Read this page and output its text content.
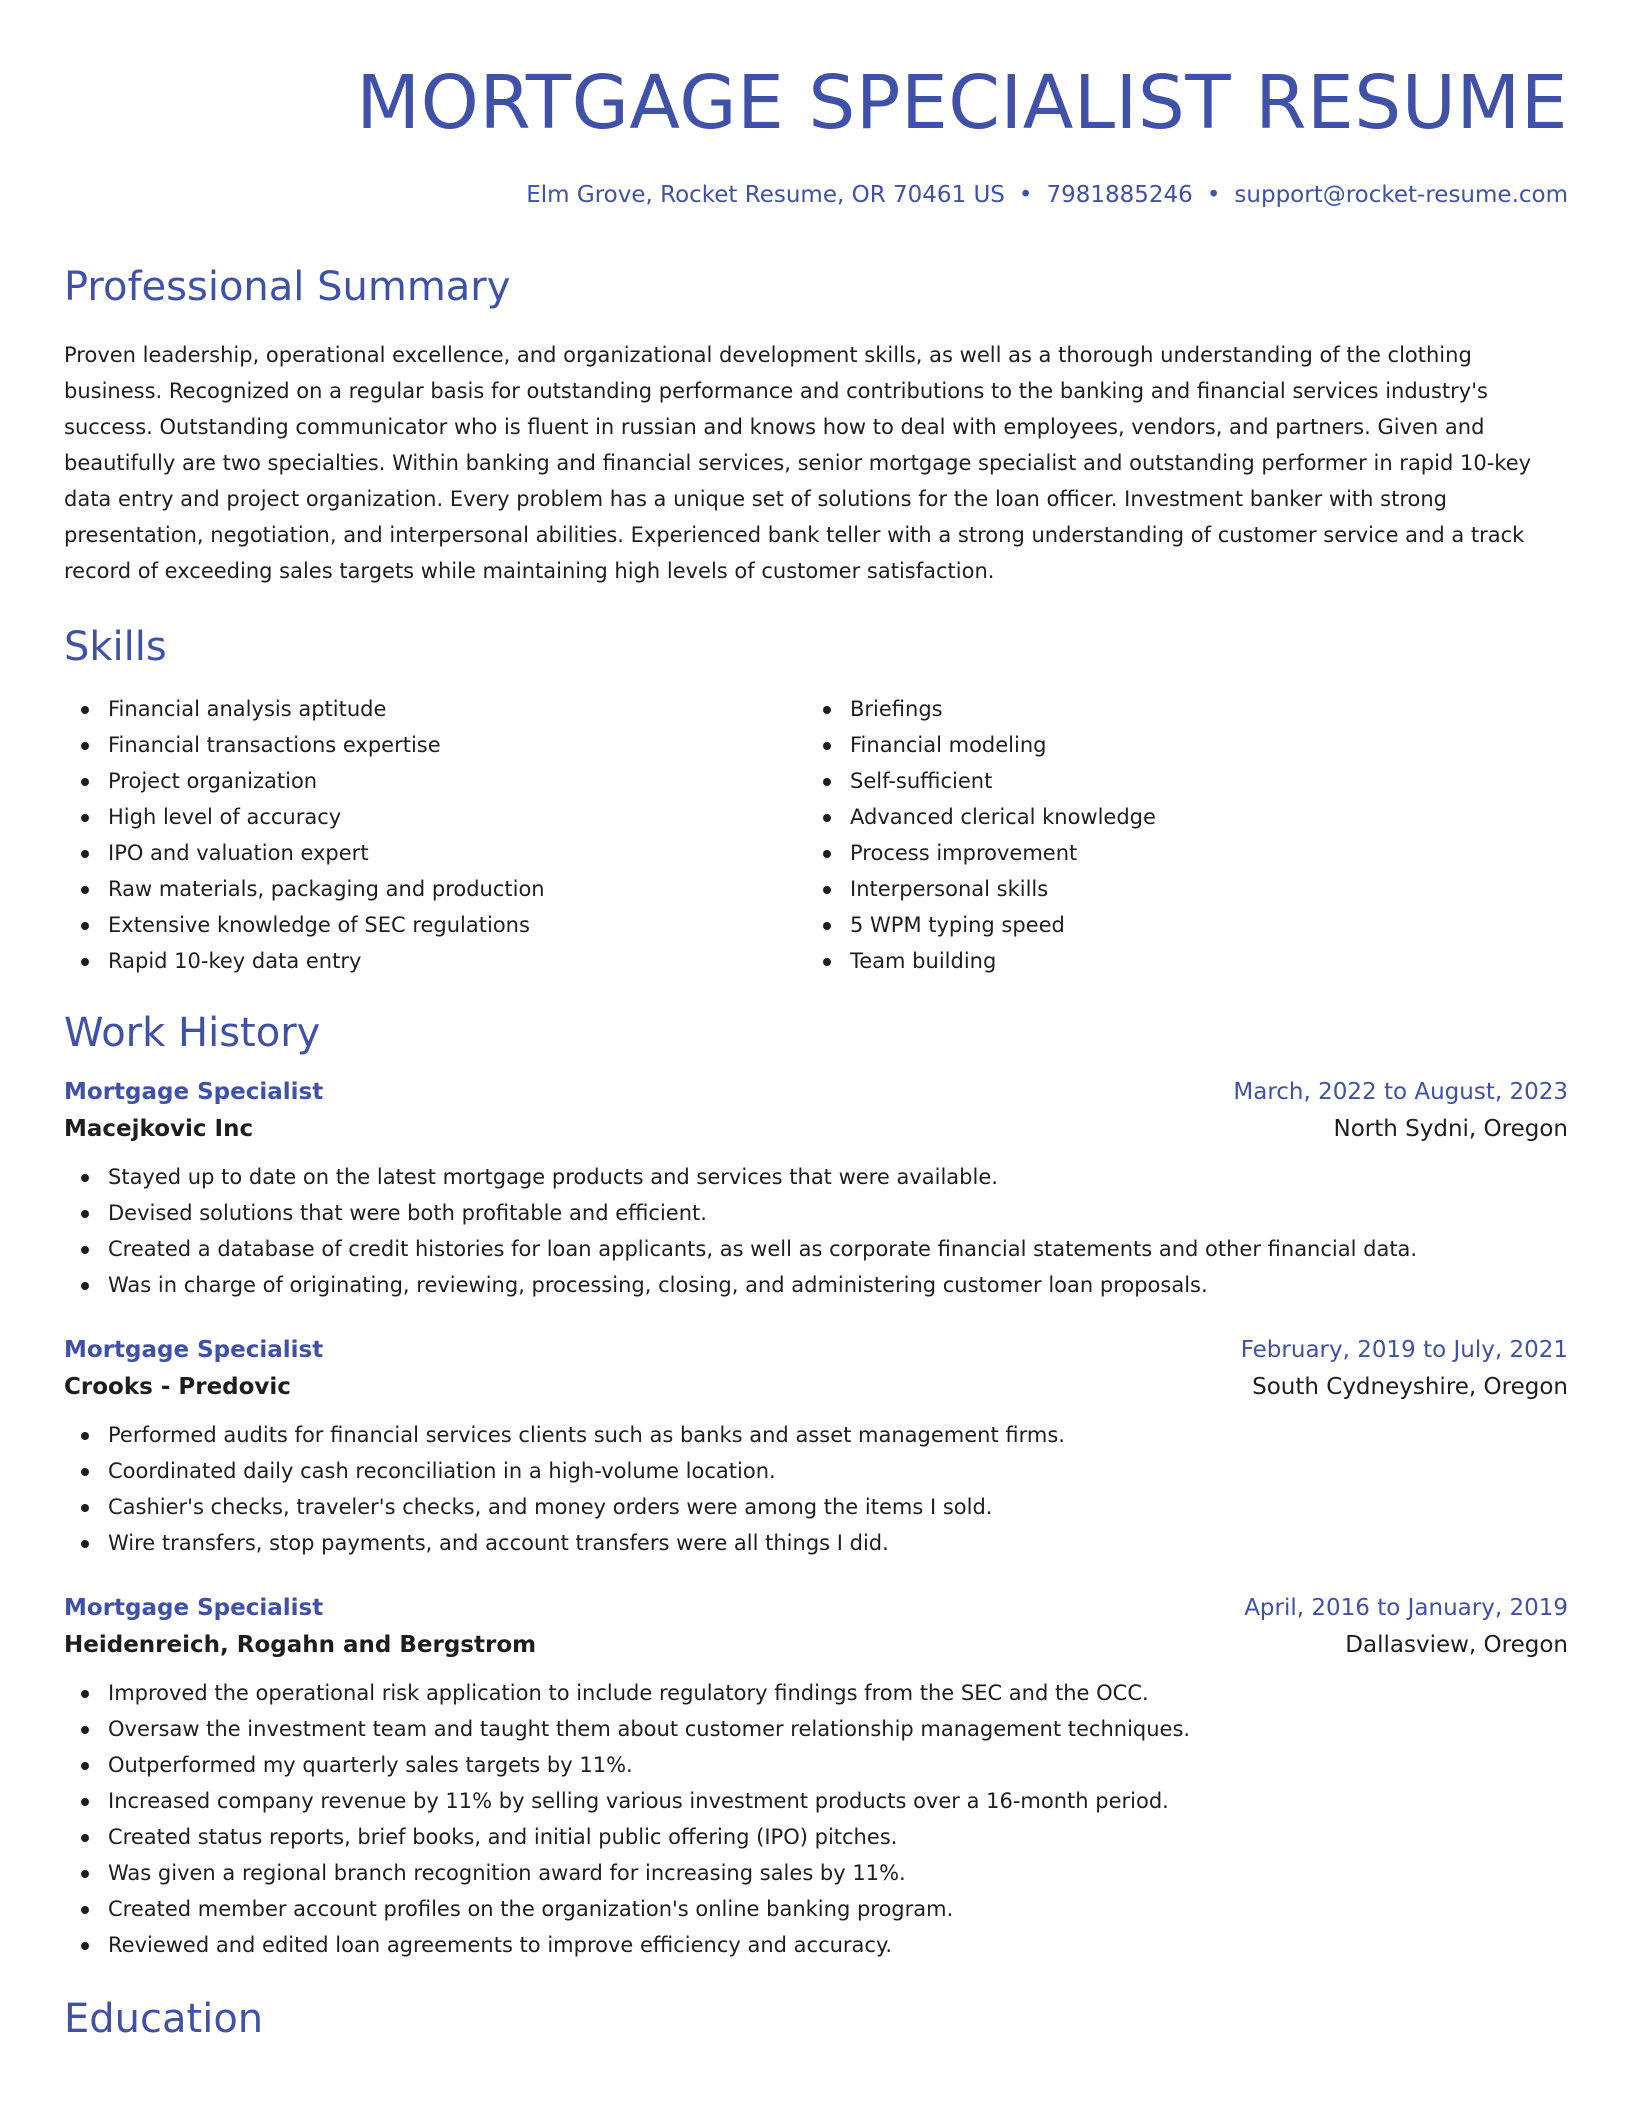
MORTGAGE SPECIALIST RESUME
Elm Grove, Rocket Resume, OR 70461 US • 7981885246 • support@rocket-resume.com
Professional Summary
Proven leadership, operational excellence, and organizational development skills, as well as a thorough understanding of the clothing business. Recognized on a regular basis for outstanding performance and contributions to the banking and financial services industry's success. Outstanding communicator who is fluent in russian and knows how to deal with employees, vendors, and partners. Given and beautifully are two specialties. Within banking and financial services, senior mortgage specialist and outstanding performer in rapid 10-key data entry and project organization. Every problem has a unique set of solutions for the loan officer. Investment banker with strong presentation, negotiation, and interpersonal abilities. Experienced bank teller with a strong understanding of customer service and a track record of exceeding sales targets while maintaining high levels of customer satisfaction.
Skills
Financial analysis aptitude
Financial transactions expertise
Project organization
High level of accuracy
IPO and valuation expert
Raw materials, packaging and production
Extensive knowledge of SEC regulations
Rapid 10-key data entry
Briefings
Financial modeling
Self-sufficient
Advanced clerical knowledge
Process improvement
Interpersonal skills
5 WPM typing speed
Team building
Work History
Mortgage Specialist	March, 2022 to August, 2023
Macejkovic Inc	North Sydni, Oregon
Stayed up to date on the latest mortgage products and services that were available.
Devised solutions that were both profitable and efficient.
Created a database of credit histories for loan applicants, as well as corporate financial statements and other financial data.
Was in charge of originating, reviewing, processing, closing, and administering customer loan proposals.
Mortgage Specialist	February, 2019 to July, 2021
Crooks - Predovic	South Cydneyshire, Oregon
Performed audits for financial services clients such as banks and asset management firms.
Coordinated daily cash reconciliation in a high-volume location.
Cashier's checks, traveler's checks, and money orders were among the items I sold.
Wire transfers, stop payments, and account transfers were all things I did.
Mortgage Specialist	April, 2016 to January, 2019
Heidenreich, Rogahn and Bergstrom	Dallasview, Oregon
Improved the operational risk application to include regulatory findings from the SEC and the OCC.
Oversaw the investment team and taught them about customer relationship management techniques.
Outperformed my quarterly sales targets by 11%.
Increased company revenue by 11% by selling various investment products over a 16-month period.
Created status reports, brief books, and initial public offering (IPO) pitches.
Was given a regional branch recognition award for increasing sales by 11%.
Created member account profiles on the organization's online banking program.
Reviewed and edited loan agreements to improve efficiency and accuracy.
Education
